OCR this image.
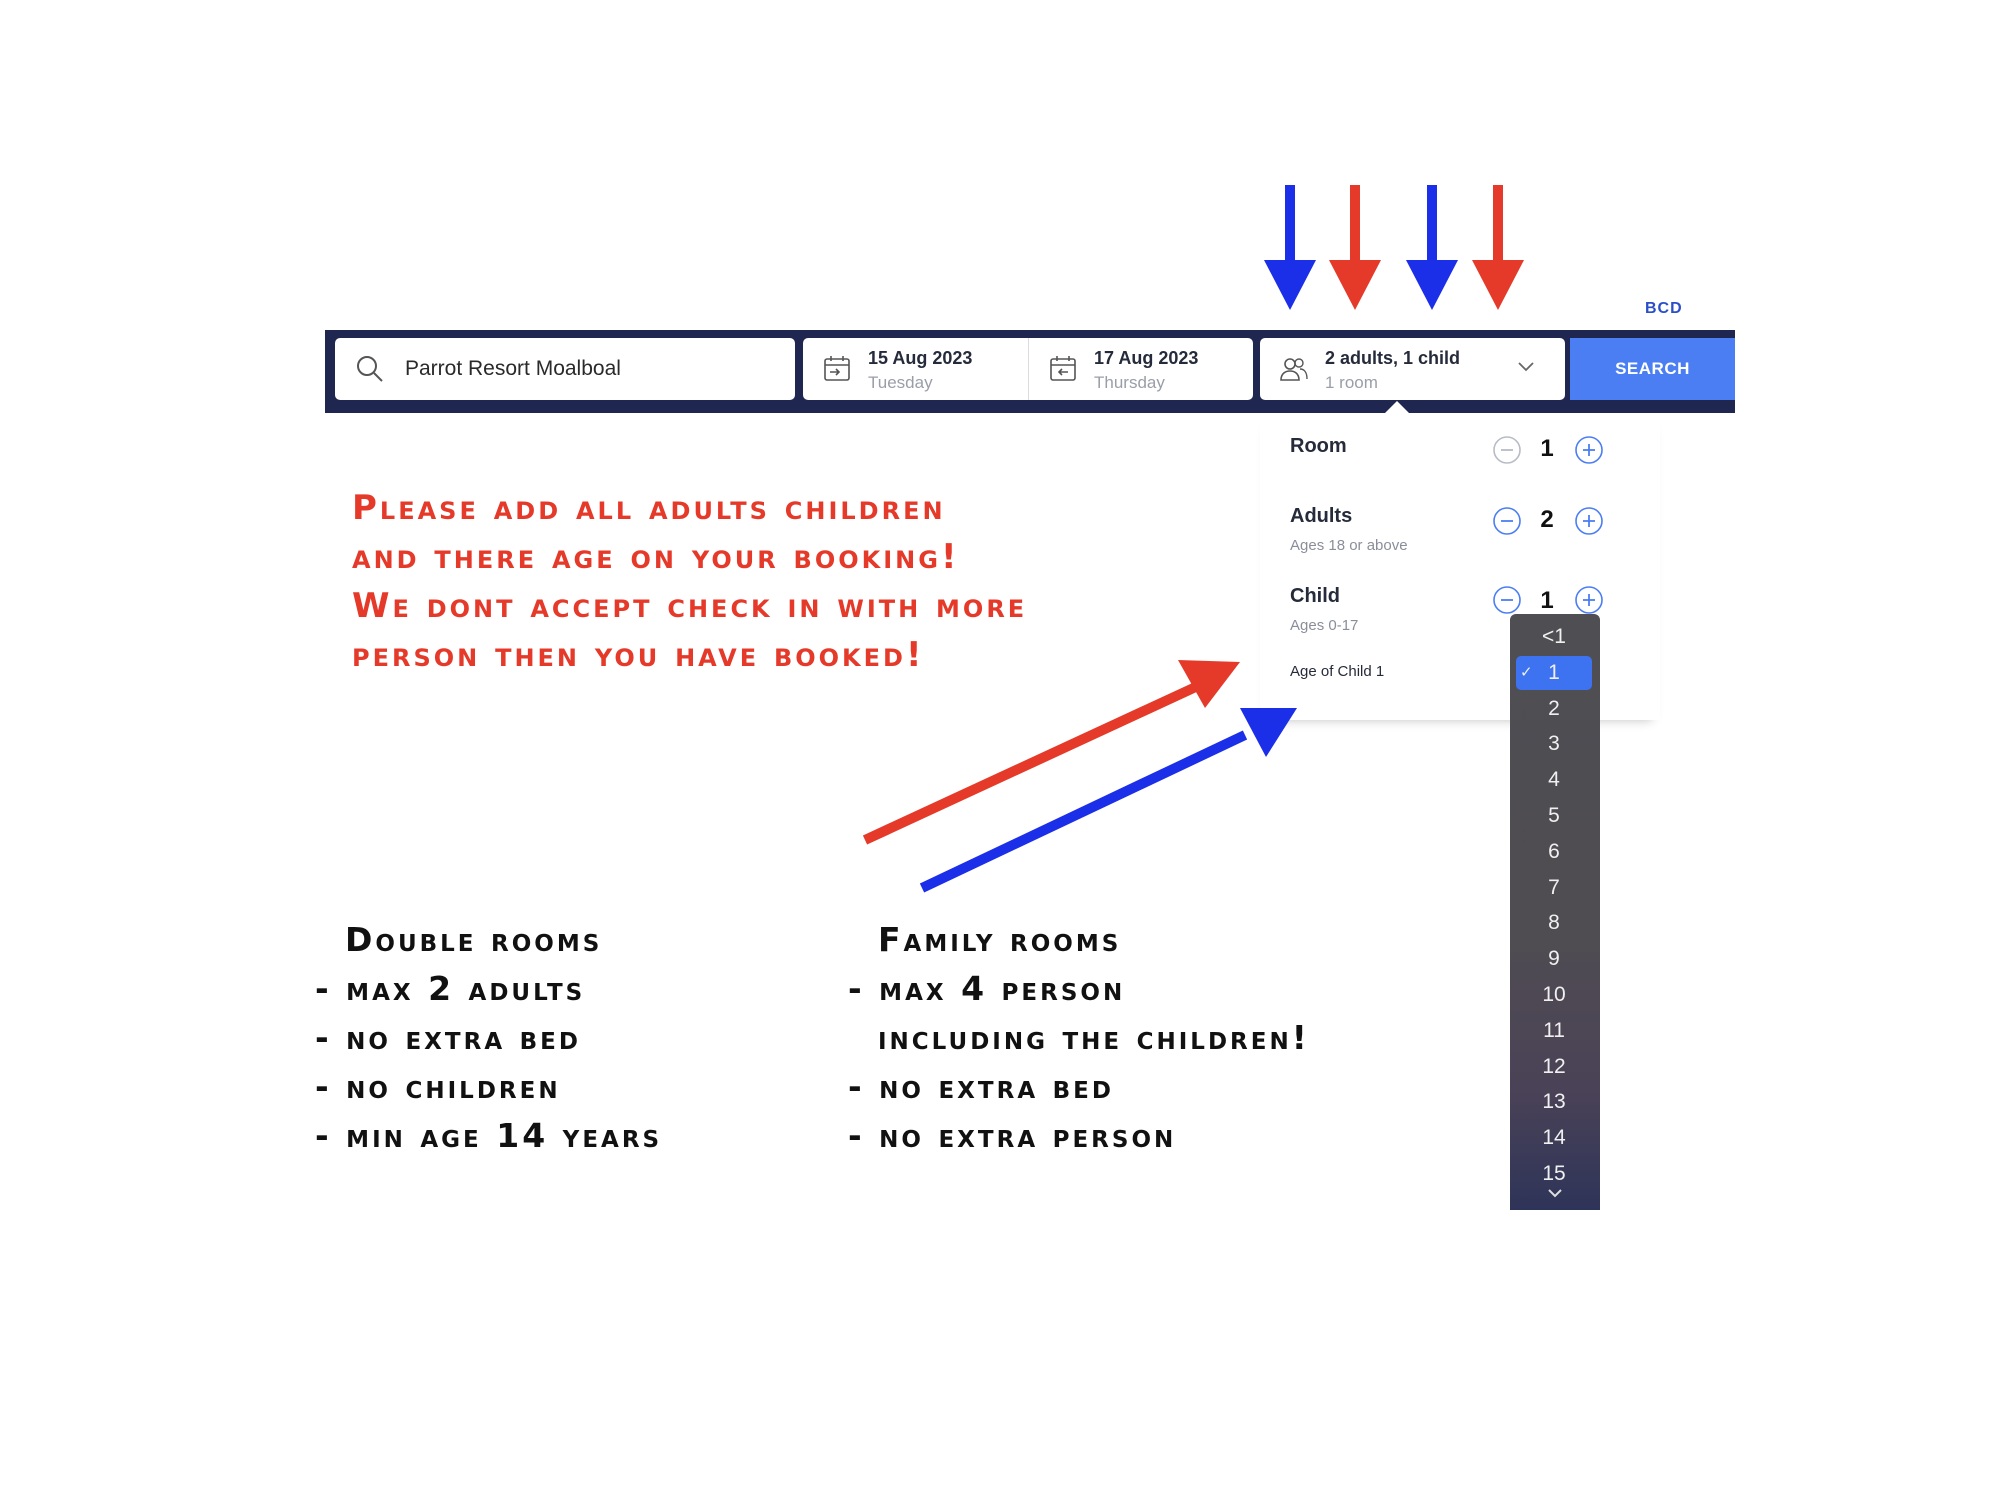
Parrot Resort Moalboal	15 Aug 2023
Tuesday
17 Aug 2023
Thursday
2 adults, 1 child
1 room
SEARCH
BCD
Room	1
Adults
Ages 18 or above
2
Child
Ages 0-17
1
Age of Child 1
<1
✓ 1
2
3
4
5
6
7
8
9
10
11
12
13
14
15
Please add all adults children
and there age on your booking!
We dont accept check in with more
person then you have booked!
Double rooms
- max 2 adults
- no extra bed
- no children
- min age 14 years
Family rooms
- max 4 person
including the children!
- no extra bed
- no extra person
